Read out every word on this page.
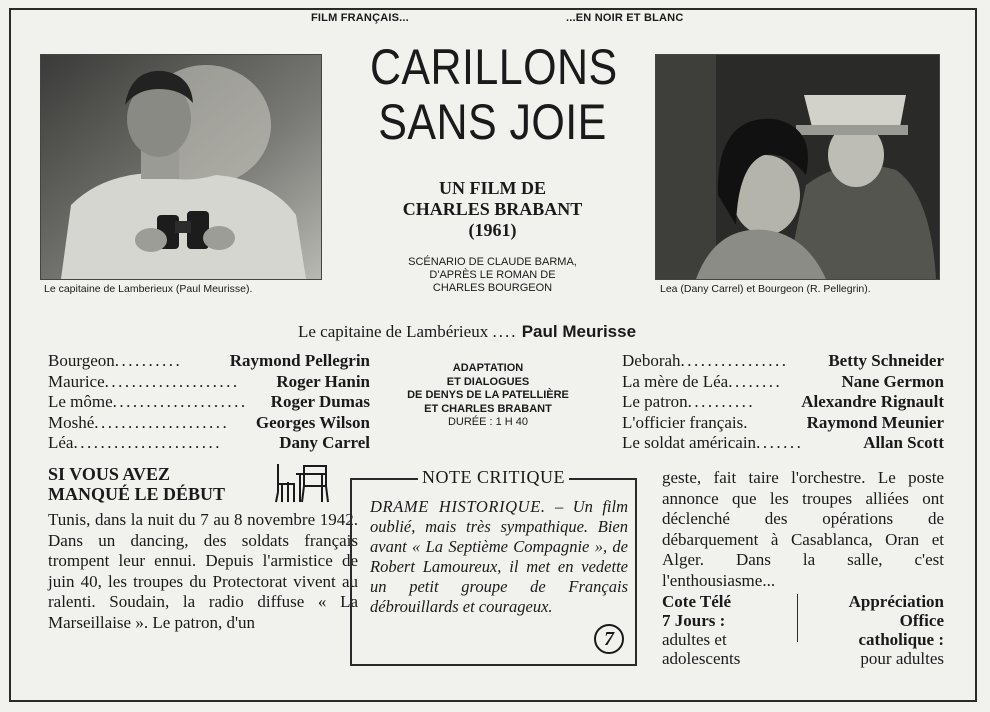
FILM FRANÇAIS...	...EN NOIR ET BLANC
Le capitaine de Lamberieux (Paul Meurisse).	Lea (Dany Carrel) et Bourgeon (R. Pellegrin).
CARILLONS
SANS JOIE
UN FILM DE
CHARLES BRABANT
(1961)
SCÉNARIO DE CLAUDE BARMA,
D'APRÈS LE ROMAN DE
CHARLES BOURGEON
Le capitaine de Lambérieux .... Paul Meurisse
Bourgeon ..........	Raymond Pellegrin
Maurice ....................	Roger Hanin
Le môme ....................	Roger Dumas
Moshé ....................	Georges Wilson
Léa ......................	Dany Carrel
ADAPTATION
ET DIALOGUES
DE DENYS DE LA PATELLIÈRE
ET CHARLES BRABANT
DURÉE : 1 H 40
Deborah ................	Betty Schneider
La mère de Léa ........	Nane Germon
Le patron ..........	Alexandre Rignault
L'officier français .	Raymond Meunier
Le soldat américain .......	Allan Scott
SI VOUS AVEZ
MANQUÉ LE DÉBUT
Tunis, dans la nuit du 7 au 8 novembre 1942. Dans un dancing, des soldats français trompent leur ennui. Depuis l'armistice de juin 40, les troupes du Protectorat vivent au ralenti. Soudain, la radio diffuse « La Marseillaise ». Le patron, d'un
geste, fait taire l'orchestre. Le poste annonce que les troupes alliées ont déclenché des opérations de débarquement à Casablanca, Oran et Alger. Dans la salle, c'est l'enthousiasme...
NOTE CRITIQUE
DRAME HISTORIQUE. – Un film oublié, mais très sympathique. Bien avant « La Septième Compagnie », de Robert Lamoureux, il met en vedette un petit groupe de Français débrouillards et courageux.
7
Cote Télé
7 Jours :
adultes et
adolescents
Appréciation
Office
catholique :
pour adultes
